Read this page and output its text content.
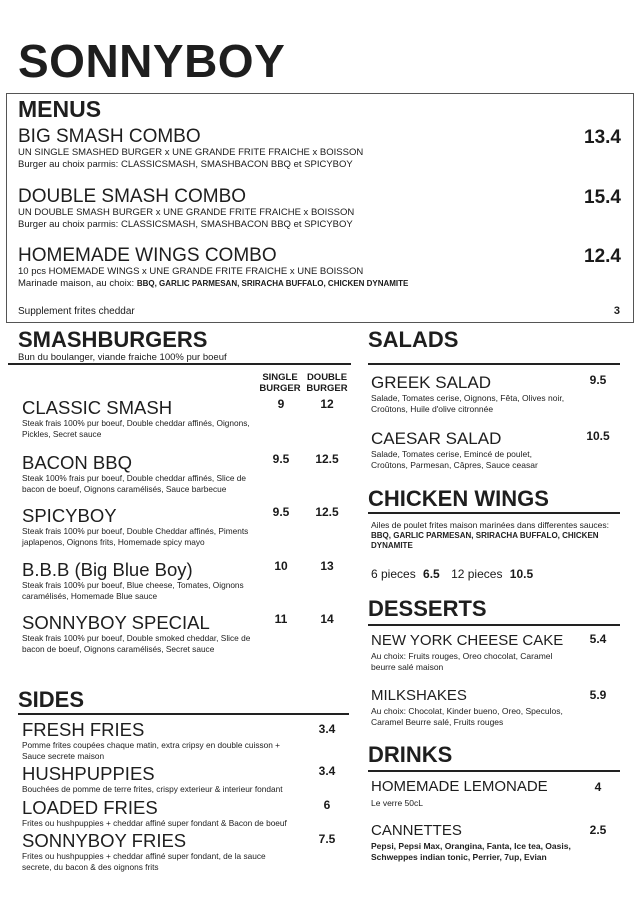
SONNYBOY
MENUS
BIG SMASH COMBO
UN SINGLE SMASHED BURGER x UNE GRANDE FRITE FRAICHE x BOISSON
Burger au choix parmis: CLASSICSMASH, SMASHBACON BBQ et SPICYBOY
13.4
DOUBLE SMASH COMBO
UN DOUBLE SMASH BURGER x UNE GRANDE FRITE FRAICHE x BOISSON
Burger au choix parmis: CLASSICSMASH, SMASHBACON BBQ et SPICYBOY
15.4
HOMEMADE WINGS COMBO
10 pcs HOMEMADE WINGS x UNE GRANDE FRITE FRAICHE x UNE BOISSON
Marinade maison, au choix: BBQ, GARLIC PARMESAN, SRIRACHA BUFFALO, CHICKEN DYNAMITE
12.4
Supplement frites cheddar	3
SMASHBURGERS
Bun du boulanger, viande fraiche 100% pur boeuf
SINGLE BURGER
DOUBLE BURGER
CLASSIC SMASH
Steak frais 100% pur boeuf, Double cheddar affinés, Oignons, Pickles, Secret sauce
9	12
BACON BBQ
Steak 100% frais pur boeuf, Double cheddar affinés, Slice de bacon de boeuf, Oignons caramélisés, Sauce barbecue
9.5	12.5
SPICYBOY
Steak frais 100% pur boeuf, Double Cheddar affinés, Piments japlapenos, Oignons frits, Homemade spicy mayo
9.5	12.5
B.B.B (Big Blue Boy)
Steak frais 100% pur boeuf, Blue cheese, Tomates, Oignons caramélisés, Homemade Blue sauce
10	13
SONNYBOY SPECIAL
Steak frais 100% pur boeuf, Double smoked cheddar, Slice de bacon de boeuf, Oignons caramélisés, Secret sauce
11	14
SIDES
FRESH FRIES
Pomme frites coupées chaque matin, extra cripsy en double cuisson + Sauce secrete maison
3.4
HUSHPUPPIES
Bouchées de pomme de terre frites, crispy exterieur & interieur fondant
3.4
LOADED FRIES
Frites ou hushpuppies + cheddar affiné super fondant & Bacon de boeuf
6
SONNYBOY FRIES
Frites ou hushpuppies + cheddar affiné super fondant, de la sauce secrete, du bacon & des oignons frits
7.5
SALADS
GREEK SALAD
Salade, Tomates cerise, Oignons, Fêta, Olives noir, Croûtons, Huile d'olive citronnée
9.5
CAESAR SALAD
Salade, Tomates cerise, Emincé de poulet, Croûtons, Parmesan, Câpres, Sauce ceasar
10.5
CHICKEN WINGS
Ailes de poulet frites maison marinées dans differentes sauces:
BBQ, GARLIC PARMESAN, SRIRACHA BUFFALO, CHICKEN DYNAMITE
6 pieces 6.5 12 pieces 10.5
DESSERTS
NEW YORK CHEESE CAKE
Au choix: Fruits rouges, Oreo chocolat, Caramel beurre salé maison
5.4
MILKSHAKES
Au choix: Chocolat, Kinder bueno, Oreo, Speculos, Caramel Beurre salé, Fruits rouges
5.9
DRINKS
HOMEMADE LEMONADE
Le verre 50cL
4
CANNETTES
Pepsi, Pepsi Max, Orangina, Fanta, Ice tea, Oasis, Schweppes indian tonic, Perrier, 7up, Evian
2.5
